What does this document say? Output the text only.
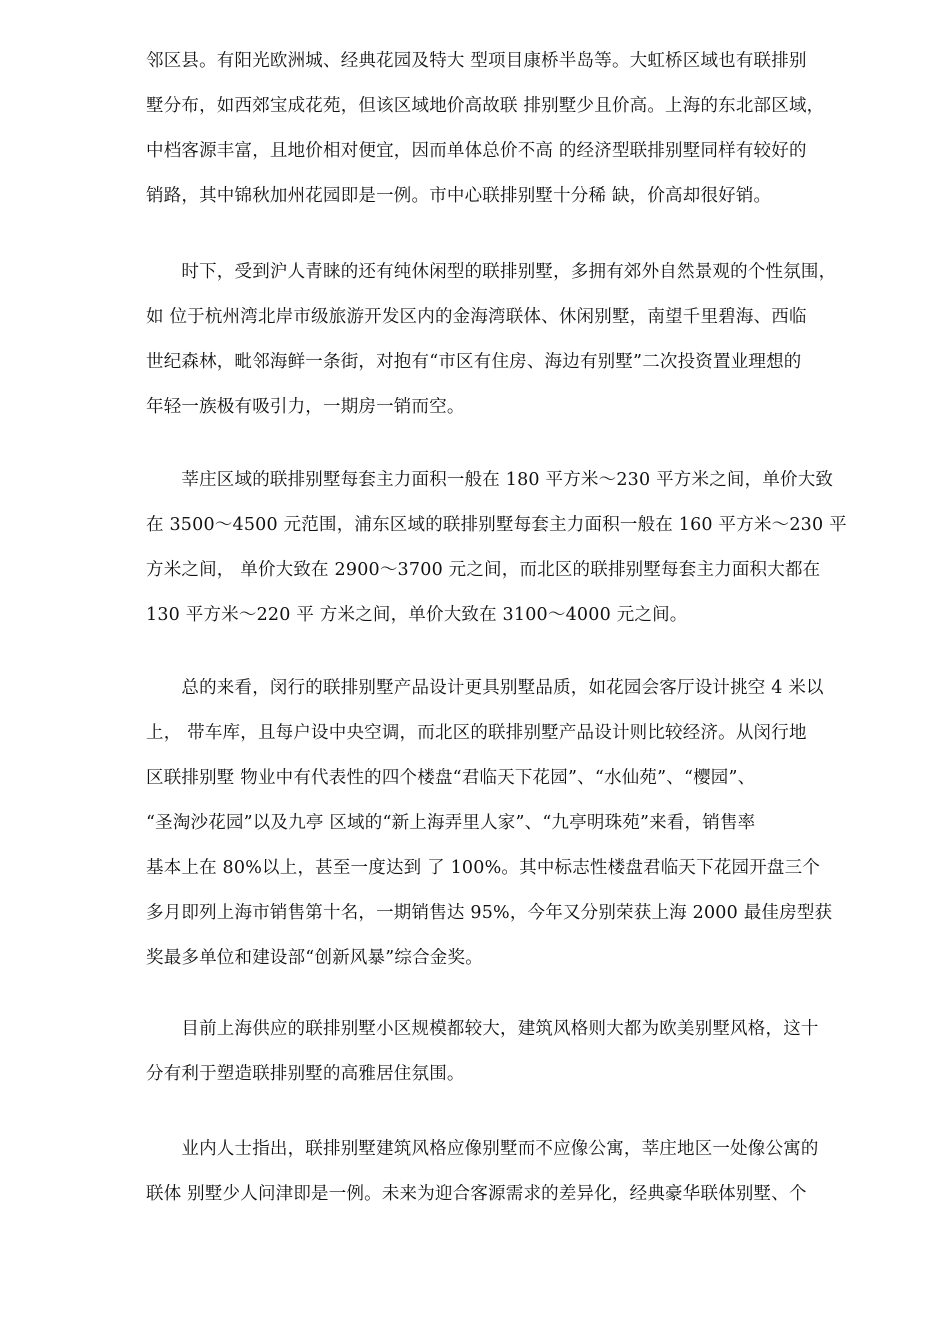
邻区县。有阳光欧洲城、经典花园及特大 型项目康桥半岛等。大虹桥区域也有联排别
墅分布，如西郊宝成花苑，但该区域地价高故联 排别墅少且价高。上海的东北部区域，
中档客源丰富，且地价相对便宜，因而单体总价不高 的经济型联排别墅同样有较好的
销路，其中锦秋加州花园即是一例。市中心联排别墅十分稀 缺，价高却很好销。
　　时下，受到沪人青睐的还有纯休闲型的联排别墅，多拥有郊外自然景观的个性氛围，
如 位于杭州湾北岸市级旅游开发区内的金海湾联体、休闲别墅，南望千里碧海、西临
世纪森林，毗邻海鲜一条街，对抱有“市区有住房、海边有别墅”二次投资置业理想的
年轻一族极有吸引力，一期房一销而空。
　　莘庄区域的联排别墅每套主力面积一般在 180 平方米～230 平方米之间，单价大致
在 3500～4500 元范围，浦东区域的联排别墅每套主力面积一般在 160 平方米～230 平
方米之间， 单价大致在 2900～3700 元之间，而北区的联排别墅每套主力面积大都在
130 平方米～220 平 方米之间，单价大致在 3100～4000 元之间。
　　总的来看，闵行的联排别墅产品设计更具别墅品质，如花园会客厅设计挑空 4 米以
上， 带车库，且每户设中央空调，而北区的联排别墅产品设计则比较经济。从闵行地
区联排别墅 物业中有代表性的四个楼盘“君临天下花园”、“水仙苑”、“樱园”、
“圣淘沙花园”以及九亭 区域的“新上海弄里人家”、“九亭明珠苑”来看，销售率
基本上在 80%以上，甚至一度达到 了 100%。其中标志性楼盘君临天下花园开盘三个
多月即列上海市销售第十名，一期销售达 95%，今年又分别荣获上海 2000 最佳房型获
奖最多单位和建设部“创新风暴”综合金奖。
　　目前上海供应的联排别墅小区规模都较大，建筑风格则大都为欧美别墅风格，这十
分有利于塑造联排别墅的高雅居住氛围。
　　业内人士指出，联排别墅建筑风格应像别墅而不应像公寓，莘庄地区一处像公寓的
联体 别墅少人问津即是一例。未来为迎合客源需求的差异化，经典豪华联体别墅、个
